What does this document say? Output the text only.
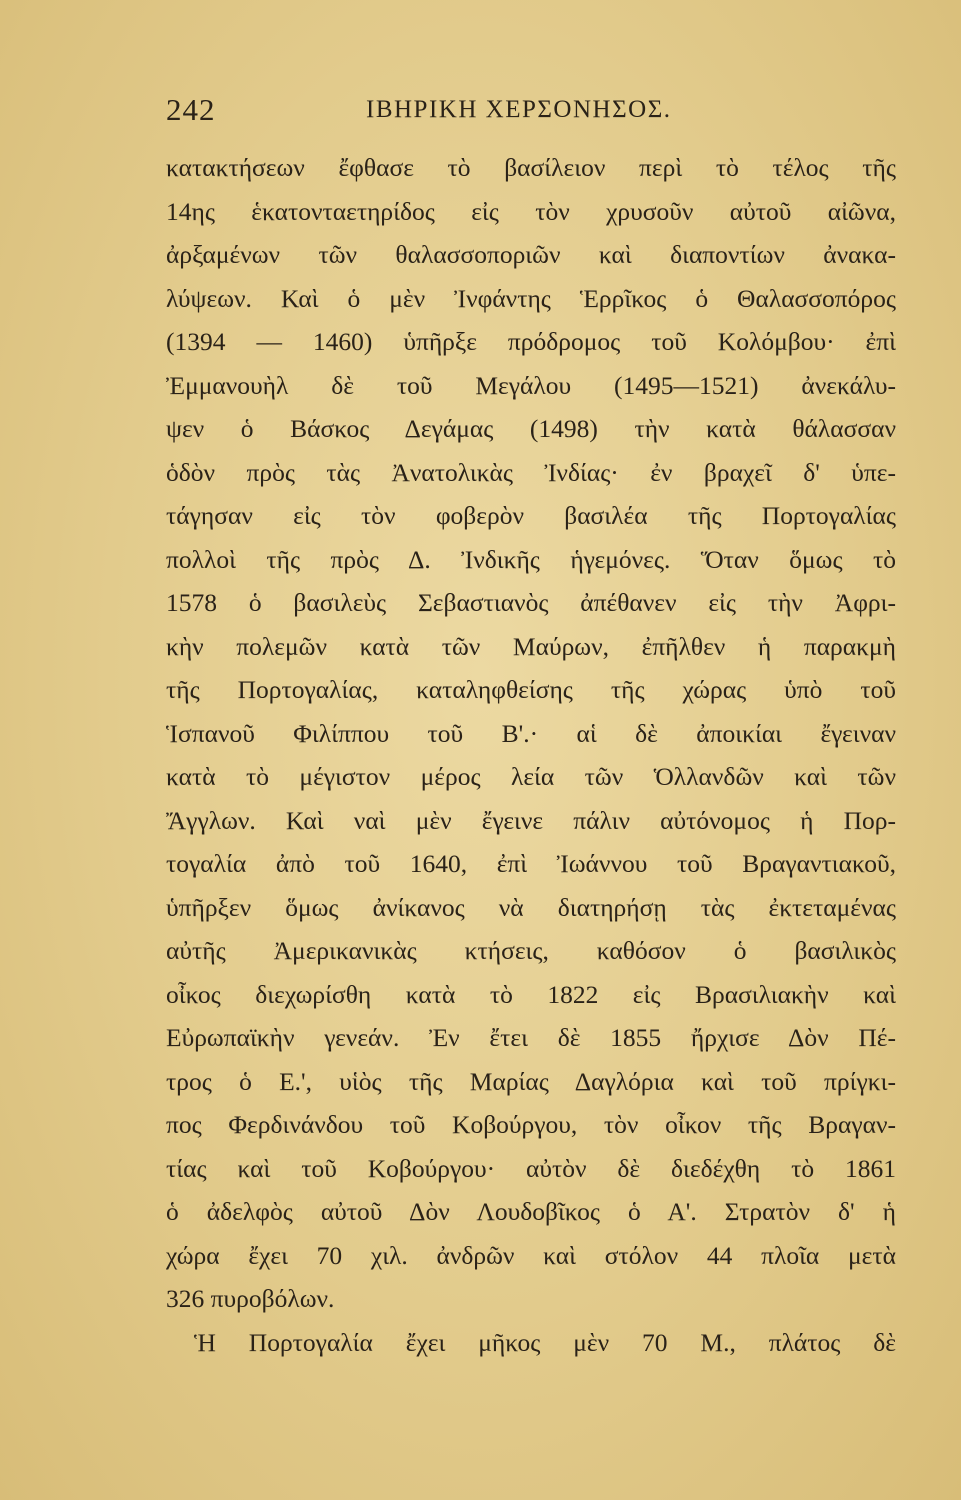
242	ΙΒΗΡΙΚΗ ΧΕΡΣΟΝΗΣΟΣ.
κατακτήσεων ἔφθασε τὸ βασίλειον περὶ τὸ τέλος τῆς
14ης ἑκατονταετηρίδος εἰς τὸν χρυσοῦν αὐτοῦ αἰῶνα,
ἀρξαμένων τῶν θαλασσοποριῶν καὶ διαποντίων ἀνακα-
λύψεων. Καὶ ὁ μὲν Ἰνφάντης Ἑρρῖκος ὁ Θαλασσοπόρος
(1394 — 1460) ὑπῆρξε πρόδρομος τοῦ Κολόμβου· ἐπὶ
Ἐμμανουὴλ δὲ τοῦ Μεγάλου (1495—1521) ἀνεκάλυ-
ψεν ὁ Βάσκος Δεγάμας (1498) τὴν κατὰ θάλασσαν
ὁδὸν πρὸς τὰς Ἀνατολικὰς Ἰνδίας· ἐν βραχεῖ δ' ὑπε-
τάγησαν εἰς τὸν φοβερὸν βασιλέα τῆς Πορτογαλίας
πολλοὶ τῆς πρὸς Δ. Ἰνδικῆς ἡγεμόνες. Ὅταν ὅμως τὸ
1578 ὁ βασιλεὺς Σεβαστιανὸς ἀπέθανεν εἰς τὴν Ἀφρι-
κὴν πολεμῶν κατὰ τῶν Μαύρων, ἐπῆλθεν ἡ παρακμὴ
τῆς Πορτογαλίας, καταληφθείσης τῆς χώρας ὑπὸ τοῦ
Ἱσπανοῦ Φιλίππου τοῦ Β'.· αἱ δὲ ἀποικίαι ἔγειναν
κατὰ τὸ μέγιστον μέρος λεία τῶν Ὁλλανδῶν καὶ τῶν
Ἄγγλων. Καὶ ναὶ μὲν ἔγεινε πάλιν αὐτόνομος ἡ Πορ-
τογαλία ἀπὸ τοῦ 1640, ἐπὶ Ἰωάννου τοῦ Βραγαντιακοῦ,
ὑπῆρξεν ὅμως ἀνίκανος νὰ διατηρήσῃ τὰς ἐκτεταμένας
αὐτῆς Ἀμερικανικὰς κτήσεις, καθόσον ὁ βασιλικὸς
οἶκος διεχωρίσθη κατὰ τὸ 1822 εἰς Βρασιλιακὴν καὶ
Εὐρωπαϊκὴν γενεάν. Ἐν ἔτει δὲ 1855 ἤρχισε Δὸν Πέ-
τρος ὁ Ε.', υἱὸς τῆς Μαρίας Δαγλόρια καὶ τοῦ πρίγκι-
πος Φερδινάνδου τοῦ Κοβούργου, τὸν οἶκον τῆς Βραγαν-
τίας καὶ τοῦ Κοβούργου· αὐτὸν δὲ διεδέχθη τὸ 1861
ὁ ἀδελφὸς αὐτοῦ Δὸν Λουδοβῖκος ὁ Α'. Στρατὸν δ' ἡ
χώρα ἔχει 70 χιλ. ἀνδρῶν καὶ στόλον 44 πλοῖα μετὰ
326 πυροβόλων.
Ἡ Πορτογαλία ἔχει μῆκος μὲν 70 Μ., πλάτος δὲ
